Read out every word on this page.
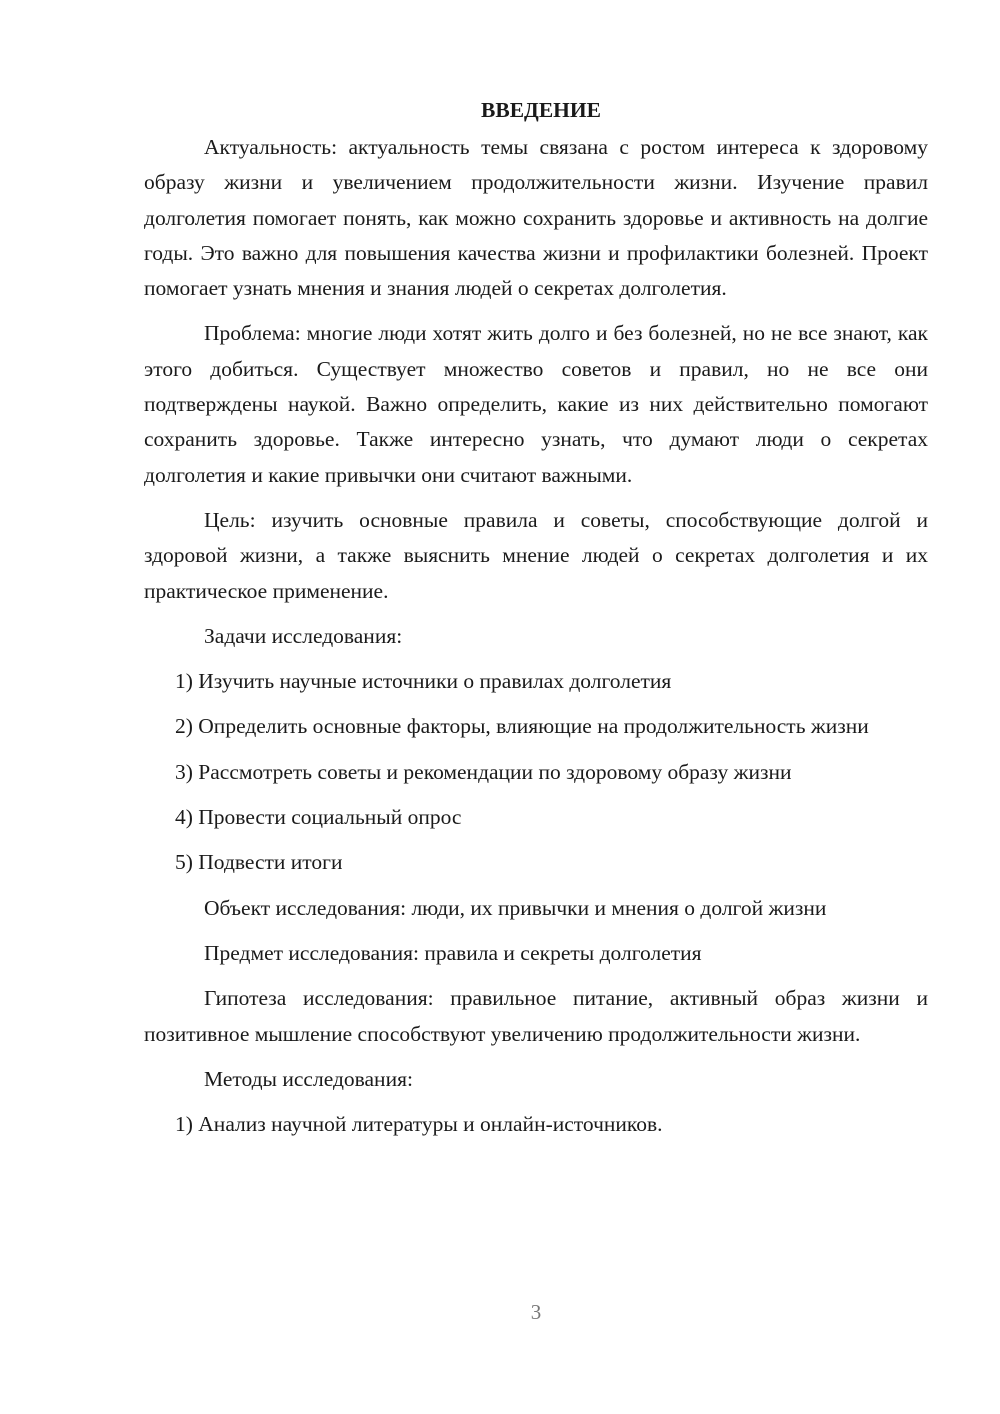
ВВЕДЕНИЕ

Актуальность: актуальность темы связана с ростом интереса к здоровому образу жизни и увеличением продолжительности жизни. Изучение правил долголетия помогает понять, как можно сохранить здоровье и активность на долгие годы. Это важно для повышения качества жизни и профилактики болезней. Проект помогает узнать мнения и знания людей о секретах долголетия.

Проблема: многие люди хотят жить долго и без болезней, но не все знают, как этого добиться. Существует множество советов и правил, но не все они подтверждены наукой. Важно определить, какие из них действительно помогают сохранить здоровье. Также интересно узнать, что думают люди о секретах долголетия и какие привычки они считают важными.

Цель: изучить основные правила и советы, способствующие долгой и здоровой жизни, а также выяснить мнение людей о секретах долголетия и их практическое применение.

Задачи исследования:

1) Изучить научные источники о правилах долголетия

2) Определить основные факторы, влияющие на продолжительность жизни

3) Рассмотреть советы и рекомендации по здоровому образу жизни

4) Провести социальный опрос

5) Подвести итоги

Объект исследования: люди, их привычки и мнения о долгой жизни

Предмет исследования: правила и секреты долголетия

Гипотеза исследования: правильное питание, активный образ жизни и позитивное мышление способствуют увеличению продолжительности жизни.

Методы исследования:

1) Анализ научной литературы и онлайн-источников.

3
